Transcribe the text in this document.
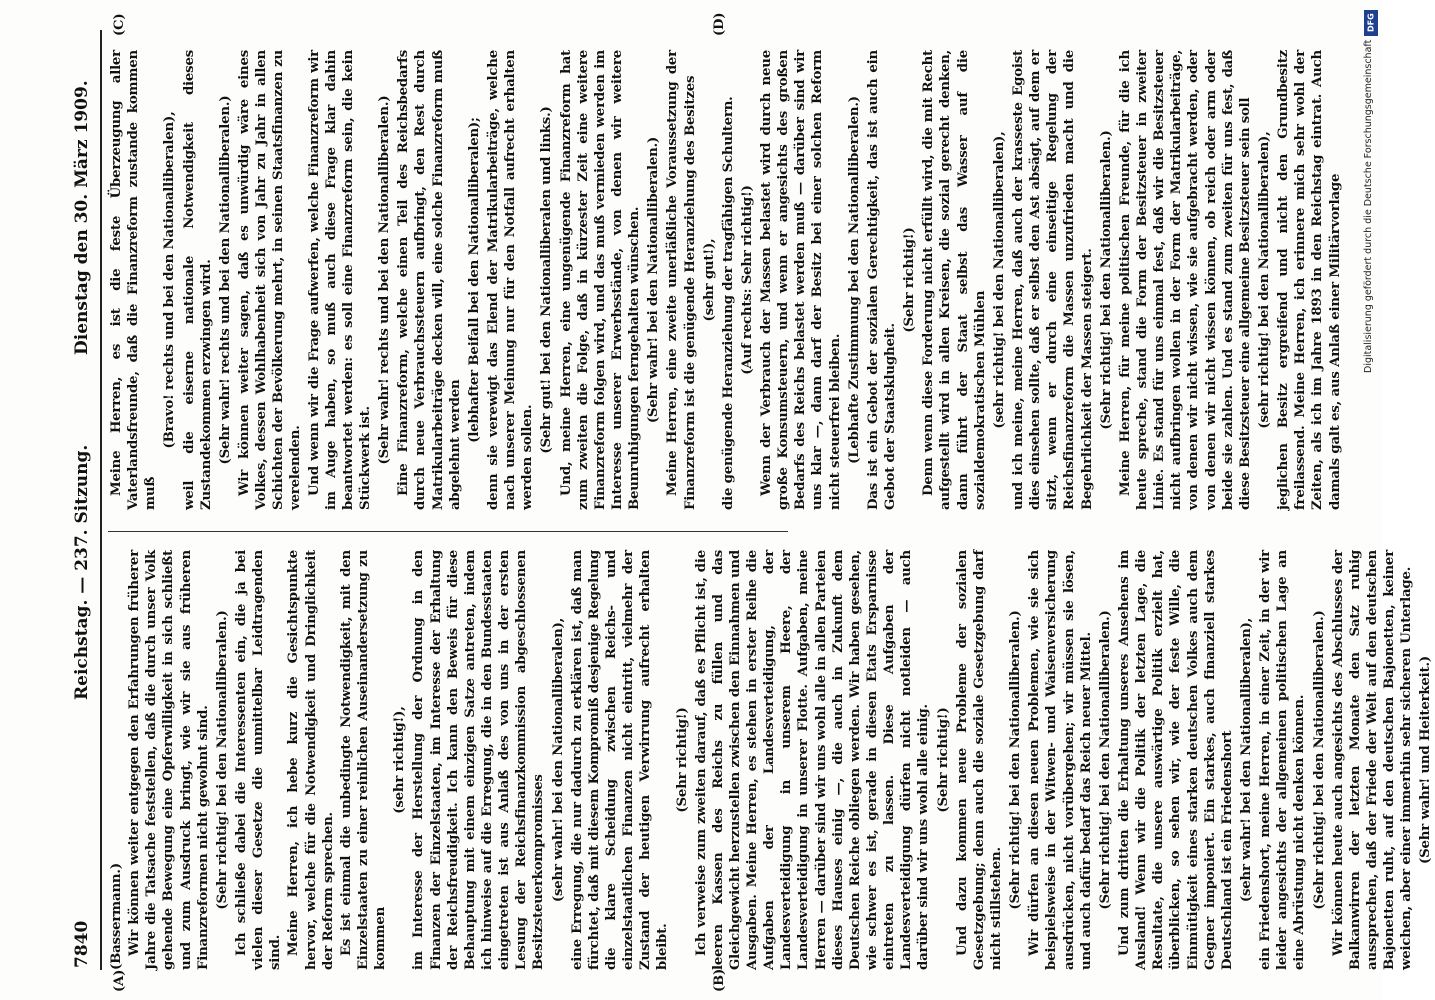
7840
Reichstag. — 237. Sitzung.
Dienstag den 30. März 1909.
(A)	(B)
(C)	(D)

(Bassermann.) Wir können weiter entgegen den Erfahrungen früherer Jahre die Tatsache feststellen, daß die durch unser Volk gehende Bewegung eine Opferwilligkeit in sich schließt und zum Ausdruck bringt, wie wir sie aus früheren Finanzreformen nicht gewohnt sind. (Sehr richtig! bei den Nationalliberalen.) Ich schließe dabei die Interessenten ein, die ja bei vielen dieser Gesetze die unmittelbar Leidtragenden sind. Meine Herren, ich hebe kurz die Gesichtspunkte hervor, welche für die Notwendigkeit und Dringlichkeit der Reform sprechen. Es ist einmal die unbedingte Notwendigkeit, mit den Einzelstaaten zu einer reinlichen Auseinandersetzung zu kommen

(sehr richtig!), im Interesse der Herstellung der Ordnung in den Finanzen der Einzelstaaten, im Interesse der Erhaltung der Reichsfreudigkeit. Ich kann den Beweis für diese Behauptung mit einem einzigen Satze antreten, indem ich hinweise auf die Erregung, die in den Bundesstaaten eingetreten ist aus Anlaß des von uns in der ersten Lesung der Reichsfinanzkommission abgeschlossenen Besitzsteuerkompromisses (sehr wahr! bei den Nationalliberalen), eine Erregung, die nur dadurch zu erklären ist, daß man fürchtet, daß mit diesem Kompromiß desjenige Regelung die klare Scheidung zwischen Reichs- und einzelstaatlichen Finanzen nicht eintritt, vielmehr der Zustand der heutigen Verwirrung aufrecht erhalten bleibt.

(Sehr richtig!) Ich verweise zum zweiten darauf, daß es Pflicht ist, die leeren Kassen des Reichs zu füllen und das Gleichgewicht herzustellen zwischen den Einnahmen und Ausgaben. Meine Herren, es stehen in erster Reihe die Aufgaben der Landesverteidigung, der Landesverteidigung in unserem Heere, der Landesverteidigung in unserer Flotte. Aufgaben, meine Herren — darüber sind wir uns wohl alle in allen Parteien dieses Hauses einig —, die auch in Zukunft dem Deutschen Reiche obliegen werden. Wir haben gesehen, wie schwer es ist, gerade in diesen Etats Ersparnisse eintreten zu lassen. Diese Aufgaben der Landesverteidigung dürfen nicht notleiden — auch darüber sind wir uns wohl alle einig. (Sehr richtig!) Und dazu kommen neue Probleme der sozialen Gesetzgebung; denn auch die soziale Gesetzgebung darf nicht stillstehen. (Sehr richtig! bei den Nationalliberalen.) Wir dürfen an diesen neuen Problemen, wie sie sich beispielsweise in der Witwen- und Waisenversicherung ausdrücken, nicht vorübergehen; wir müssen sie lösen, und auch dafür bedarf das Reich neuer Mittel. (Sehr richtig! bei den Nationalliberalen.) Und zum dritten die Erhaltung unseres Ansehens im Ausland! Wenn wir die Politik der letzten Lage, die Resultate, die unsere auswärtige Politik erzielt hat, überblicken, so sehen wir, wie der feste Wille, die Einmütigkeit eines starken deutschen Volkes auch dem Gegner imponiert. Ein starkes, auch finanziell starkes Deutschland ist ein Friedenshort (sehr wahr! bei den Nationalliberalen), ein Friedenshort, meine Herren, in einer Zeit, in der wir leider angesichts der allgemeinen politischen Lage an eine Abrüstung nicht denken können. (Sehr richtig! bei den Nationalliberalen.) Wir können heute auch angesichts des Abschlusses der Balkanwirren der letzten Monate den Satz ruhig aussprechen, daß der Friede der Welt auf den deutschen Bajonetten ruht, auf den deutschen Bajonetten, keiner weichen, aber einer immerhin sehr sicheren Unterlage. (Sehr wahr! und Heiterkeit.)

Meine Herren, es ist die feste Überzeugung aller Vaterlandsfreunde, daß die Finanzreform zustande kommen muß

(Bravo! rechts und bei den Nationalliberalen), weil die eiserne nationale Notwendigkeit dieses Zustandekommen erzwingen wird. (Sehr wahr! rechts und bei den Nationalliberalen.) Wir können weiter sagen, daß es unwürdig wäre eines Volkes, dessen Wohlhabenheit sich von Jahr zu Jahr in allen Schichten der Bevölkerung mehrt, in seinen Staatsfinanzen zu verelenden. Und wenn wir die Frage aufwerfen, welche Finanzreform wir im Auge haben, so muß auch diese Frage klar dahin beantwortet werden: es soll eine Finanzreform sein, die kein Stückwerk ist. (Sehr wahr! rechts und bei den Nationalliberalen.) Eine Finanzreform, welche einen Teil des Reichsbedarfs durch neue Verbrauchssteuern aufbringt, den Rest durch Matrikularbeiträge decken will, eine solche Finanzreform muß abgelehnt werden

(lebhafter Beifall bei den Nationalliberalen); denn sie verewigt das Elend der Matrikularbeiträge, welche nach unserer Meinung nur für den Notfall aufrecht erhalten werden sollen.

(Sehr gut! bei den Nationalliberalen und links.) Und, meine Herren, eine ungenügende Finanzreform hat zum zweiten die Folge, daß in kürzester Zeit eine weitere Finanzreform folgen wird, und das muß vermieden werden im Interesse unserer Erwerbsstände, von denen wir weitere Beunruhigungen ferngehalten wünschen. (Sehr wahr! bei den Nationalliberalen.) Meine Herren, eine zweite unerläßliche Voraussetzung der Finanzreform ist die genügende Heranziehung des Besitzes (sehr gut!), die genügende Heranziehung der tragfähigen Schultern. (Auf rechts: Sehr richtig!) Wenn der Verbrauch der Massen belastet wird durch neue große Konsumsteuern, und wenn er angesichts des großen Bedarfs des Reichs belastet werden muß — darüber sind wir uns klar —, dann darf der Besitz bei einer solchen Reform nicht steuerfrei bleiben. (Lebhafte Zustimmung bei den Nationalliberalen.) Das ist ein Gebot der sozialen Gerechtigkeit, das ist auch ein Gebot der Staatsklugheit.

(Sehr richtig!) Denn wenn diese Forderung nicht erfüllt wird, die mit Recht aufgestellt wird in allen Kreisen, die sozial gerecht denken, dann führt der Staat selbst das Wasser auf die sozialdemokratischen Mühlen (sehr richtig! bei den Nationalliberalen), und ich meine, meine Herren, daß auch der krasseste Egoist dies einsehen sollte, daß er selbst den Ast absägt, auf dem er sitzt, wenn er durch eine einseitige Regelung der Reichsfinanzreform die Massen unzufrieden macht und die Begehrlichkeit der Massen steigert. (Sehr richtig! bei den Nationalliberalen.) Meine Herren, für meine politischen Freunde, für die ich heute spreche, stand die Form der Besitzsteuer in zweiter Linie. Es stand für uns einmal fest, daß wir die Besitzsteuer nicht aufbringen wollen in der Form der Matrikularbeiträge, von denen wir nicht wissen, wie sie aufgebracht werden, oder von denen wir nicht wissen können, ob reich oder arm oder beide sie zahlen. Und es stand zum zweiten für uns fest, daß diese Besitzsteuer eine allgemeine Besitzsteuer sein soll (sehr richtig! bei den Nationalliberalen), jeglichen Besitz ergreifend und nicht den Grundbesitz freilassend. Meine Herren, ich erinnere mich sehr wohl der Zeiten, als ich im Jahre 1893 in den Reichstag eintrat. Auch damals galt es, aus Anlaß einer Militärvorlage

DFG
Digitalisierung gefördert durch die Deutsche Forschungsgemeinschaft
